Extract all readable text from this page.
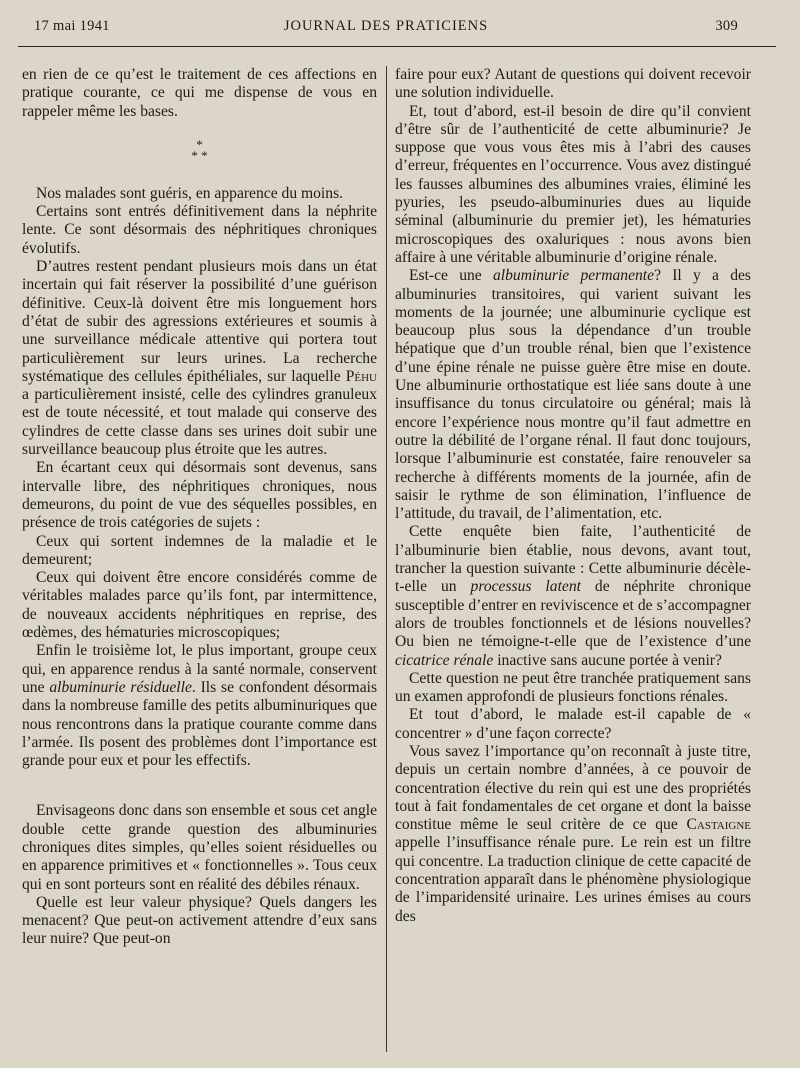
17 mai 1941	JOURNAL DES PRATICIENS	309

en rien de ce qu’est le traitement de ces affections en pratique courante, ce qui me dispense de vous en rappeler même les bases.

*
* *

Nos malades sont guéris, en apparence du moins.

Certains sont entrés définitivement dans la néphrite lente. Ce sont désormais des néphritiques chroniques évolutifs.

D’autres restent pendant plusieurs mois dans un état incertain qui fait réserver la possibilité d’une guérison définitive. Ceux-là doivent être mis longuement hors d’état de subir des agressions extérieures et soumis à une surveillance médicale attentive qui portera tout particulièrement sur leurs urines. La recherche systématique des cellules épithéliales, sur laquelle Péhu a particulièrement insisté, celle des cylindres granuleux est de toute nécessité, et tout malade qui conserve des cylindres de cette classe dans ses urines doit subir une surveillance beaucoup plus étroite que les autres.

En écartant ceux qui désormais sont devenus, sans intervalle libre, des néphritiques chroniques, nous demeurons, du point de vue des séquelles possibles, en présence de trois catégories de sujets :

Ceux qui sortent indemnes de la maladie et le demeurent;

Ceux qui doivent être encore considérés comme de véritables malades parce qu’ils font, par intermittence, de nouveaux accidents néphritiques en reprise, des œdèmes, des hématuries microscopiques;

Enfin le troisième lot, le plus important, groupe ceux qui, en apparence rendus à la santé normale, conservent une albuminurie résiduelle. Ils se confondent désormais dans la nombreuse famille des petits albuminuriques que nous rencontrons dans la pratique courante comme dans l’armée. Ils posent des problèmes dont l’importance est grande pour eux et pour les effectifs.

Envisageons donc dans son ensemble et sous cet angle double cette grande question des albuminuries chroniques dites simples, qu’elles soient résiduelles ou en apparence primitives et « fonctionnelles ». Tous ceux qui en sont porteurs sont en réalité des débiles rénaux.

Quelle est leur valeur physique? Quels dangers les menacent? Que peut-on activement attendre d’eux sans leur nuire? Que peut-on

faire pour eux? Autant de questions qui doivent recevoir une solution individuelle.

Et, tout d’abord, est-il besoin de dire qu’il convient d’être sûr de l’authenticité de cette albuminurie? Je suppose que vous vous êtes mis à l’abri des causes d’erreur, fréquentes en l’occurrence. Vous avez distingué les fausses albumines des albumines vraies, éliminé les pyuries, les pseudo-albuminuries dues au liquide séminal (albuminurie du premier jet), les hématuries microscopiques des oxaluriques : nous avons bien affaire à une véritable albuminurie d’origine rénale.

Est-ce une albuminurie permanente? Il y a des albuminuries transitoires, qui varient suivant les moments de la journée; une albuminurie cyclique est beaucoup plus sous la dépendance d’un trouble hépatique que d’un trouble rénal, bien que l’existence d’une épine rénale ne puisse guère être mise en doute. Une albuminurie orthostatique est liée sans doute à une insuffisance du tonus circulatoire ou général; mais là encore l’expérience nous montre qu’il faut admettre en outre la débilité de l’organe rénal. Il faut donc toujours, lorsque l’albuminurie est constatée, faire renouveler sa recherche à différents moments de la journée, afin de saisir le rythme de son élimination, l’influence de l’attitude, du travail, de l’alimentation, etc.

Cette enquête bien faite, l’authenticité de l’albuminurie bien établie, nous devons, avant tout, trancher la question suivante : Cette albuminurie décèle-t-elle un processus latent de néphrite chronique susceptible d’entrer en reviviscence et de s’accompagner alors de troubles fonctionnels et de lésions nouvelles? Ou bien ne témoigne-t-elle que de l’existence d’une cicatrice rénale inactive sans aucune portée à venir?

Cette question ne peut être tranchée pratiquement sans un examen approfondi de plusieurs fonctions rénales.

Et tout d’abord, le malade est-il capable de « concentrer » d’une façon correcte?

Vous savez l’importance qu’on reconnaît à juste titre, depuis un certain nombre d’années, à ce pouvoir de concentration élective du rein qui est une des propriétés tout à fait fondamentales de cet organe et dont la baisse constitue même le seul critère de ce que Castaigne appelle l’insuffisance rénale pure. Le rein est un filtre qui concentre. La traduction clinique de cette capacité de concentration apparaît dans le phénomène physiologique de l’imparidensité urinaire. Les urines émises au cours des
